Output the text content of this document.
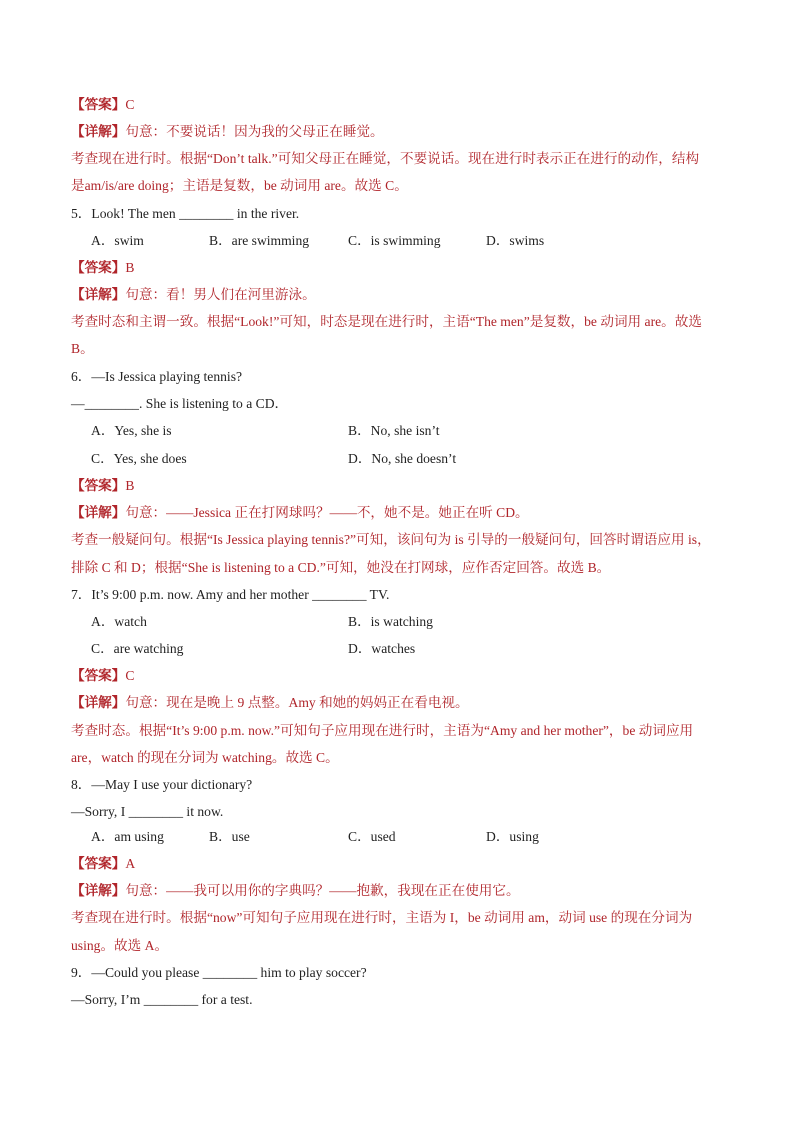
【答案】C
【详解】句意：不要说话！因为我的父母正在睡觉。
考查现在进行时。根据“Don’t talk.”可知父母正在睡觉，不要说话。现在进行时表示正在进行的动作，结构
是am/is/are doing；主语是复数，be 动词用 are。故选 C。
5．Look! The men ________ in the river.
A．swim	B．are swimming	C．is swimming	D．swims
【答案】B
【详解】句意：看！男人们在河里游泳。
考查时态和主谓一致。根据“Look!”可知，时态是现在进行时，主语“The men”是复数，be 动词用 are。故选
B。
6．—Is Jessica playing tennis?
—________. She is listening to a CD．
A．Yes, she is	B．No, she isn’t
C．Yes, she does	D．No, she doesn’t
【答案】B
【详解】句意：——Jessica 正在打网球吗？——不，她不是。她正在听 CD。
考查一般疑问句。根据“Is Jessica playing tennis?”可知，该问句为 is 引导的一般疑问句，回答时谓语应用 is，
排除 C 和 D；根据“She is listening to a CD.”可知，她没在打网球，应作否定回答。故选 B。
7．It’s 9:00 p.m. now. Amy and her mother ________ TV.
A．watch	B．is watching
C．are watching	D．watches
【答案】C
【详解】句意：现在是晚上 9 点整。Amy 和她的妈妈正在看电视。
考查时态。根据“It’s 9:00 p.m. now.”可知句子应用现在进行时，主语为“Amy and her mother”，be 动词应用
are，watch 的现在分词为 watching。故选 C。
8．—May I use your dictionary?
—Sorry, I ________ it now.
A．am using	B．use	C．used	D．using
【答案】A
【详解】句意：——我可以用你的字典吗？——抱歉，我现在正在使用它。
考查现在进行时。根据“now”可知句子应用现在进行时，主语为 I，be 动词用 am，动词 use 的现在分词为
using。故选 A。
9．—Could you please ________ him to play soccer?
—Sorry, I’m ________ for a test.
